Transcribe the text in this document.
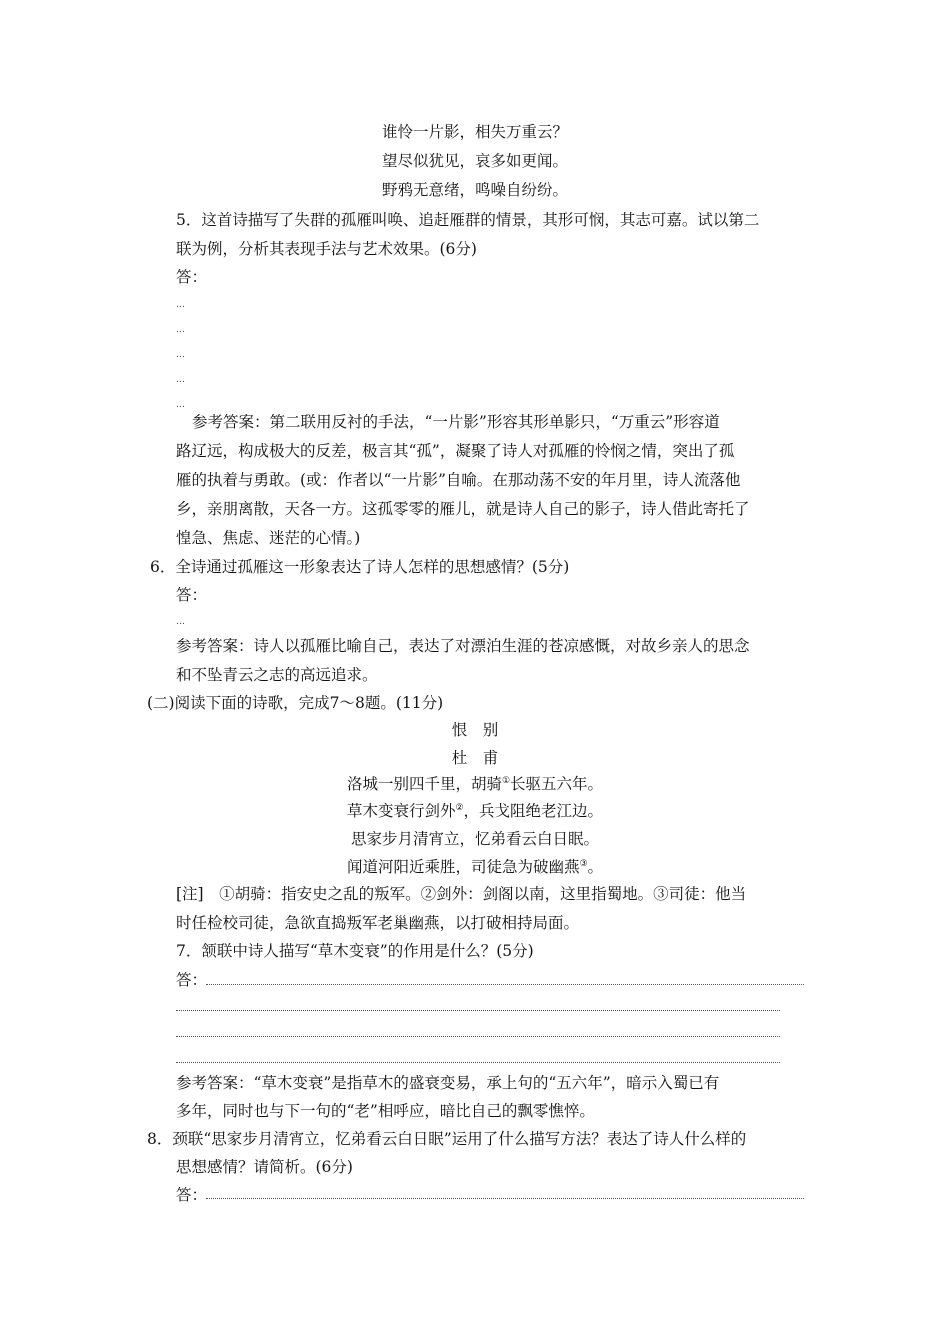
谁怜一片影，相失万重云？
望尽似犹见，哀多如更闻。
野鸦无意绪，鸣噪自纷纷。
5．这首诗描写了失群的孤雁叫唤、追赶雁群的情景，其形可悯，其志可嘉。试以第二
联为例，分析其表现手法与艺术效果。(6分)
答：
…
…
…
…
…
参考答案：第二联用反衬的手法，“一片影”形容其形单影只，“万重云”形容道
路辽远，构成极大的反差，极言其“孤”，凝聚了诗人对孤雁的怜悯之情，突出了孤
雁的执着与勇敢。(或：作者以“一片影”自喻。在那动荡不安的年月里，诗人流落他
乡，亲朋离散，天各一方。这孤零零的雁儿，就是诗人自己的影子，诗人借此寄托了
惶急、焦虑、迷茫的心情。)
6．全诗通过孤雁这一形象表达了诗人怎样的思想感情？(5分)
答：
…
参考答案：诗人以孤雁比喻自己，表达了对漂泊生涯的苍凉感慨，对故乡亲人的思念
和不坠青云之志的高远追求。
(二)阅读下面的诗歌，完成7～8题。(11分)
恨　别
杜　甫
洛城一别四千里，胡骑①长驱五六年。
草木变衰行剑外②，兵戈阻绝老江边。
思家步月清宵立，忆弟看云白日眠。
闻道河阳近乘胜，司徒急为破幽燕③。
[注]　①胡骑：指安史之乱的叛军。②剑外：剑阁以南，这里指蜀地。③司徒：他当
时任检校司徒，急欲直捣叛军老巢幽燕，以打破相持局面。
7．颔联中诗人描写“草木变衰”的作用是什么？(5分)
答：
参考答案：“草木变衰”是指草木的盛衰变易，承上句的“五六年”，暗示入蜀已有
多年，同时也与下一句的“老”相呼应，暗比自己的飘零憔悴。
8．颈联“思家步月清宵立，忆弟看云白日眠”运用了什么描写方法？表达了诗人什么样的
思想感情？请简析。(6分)
答：
